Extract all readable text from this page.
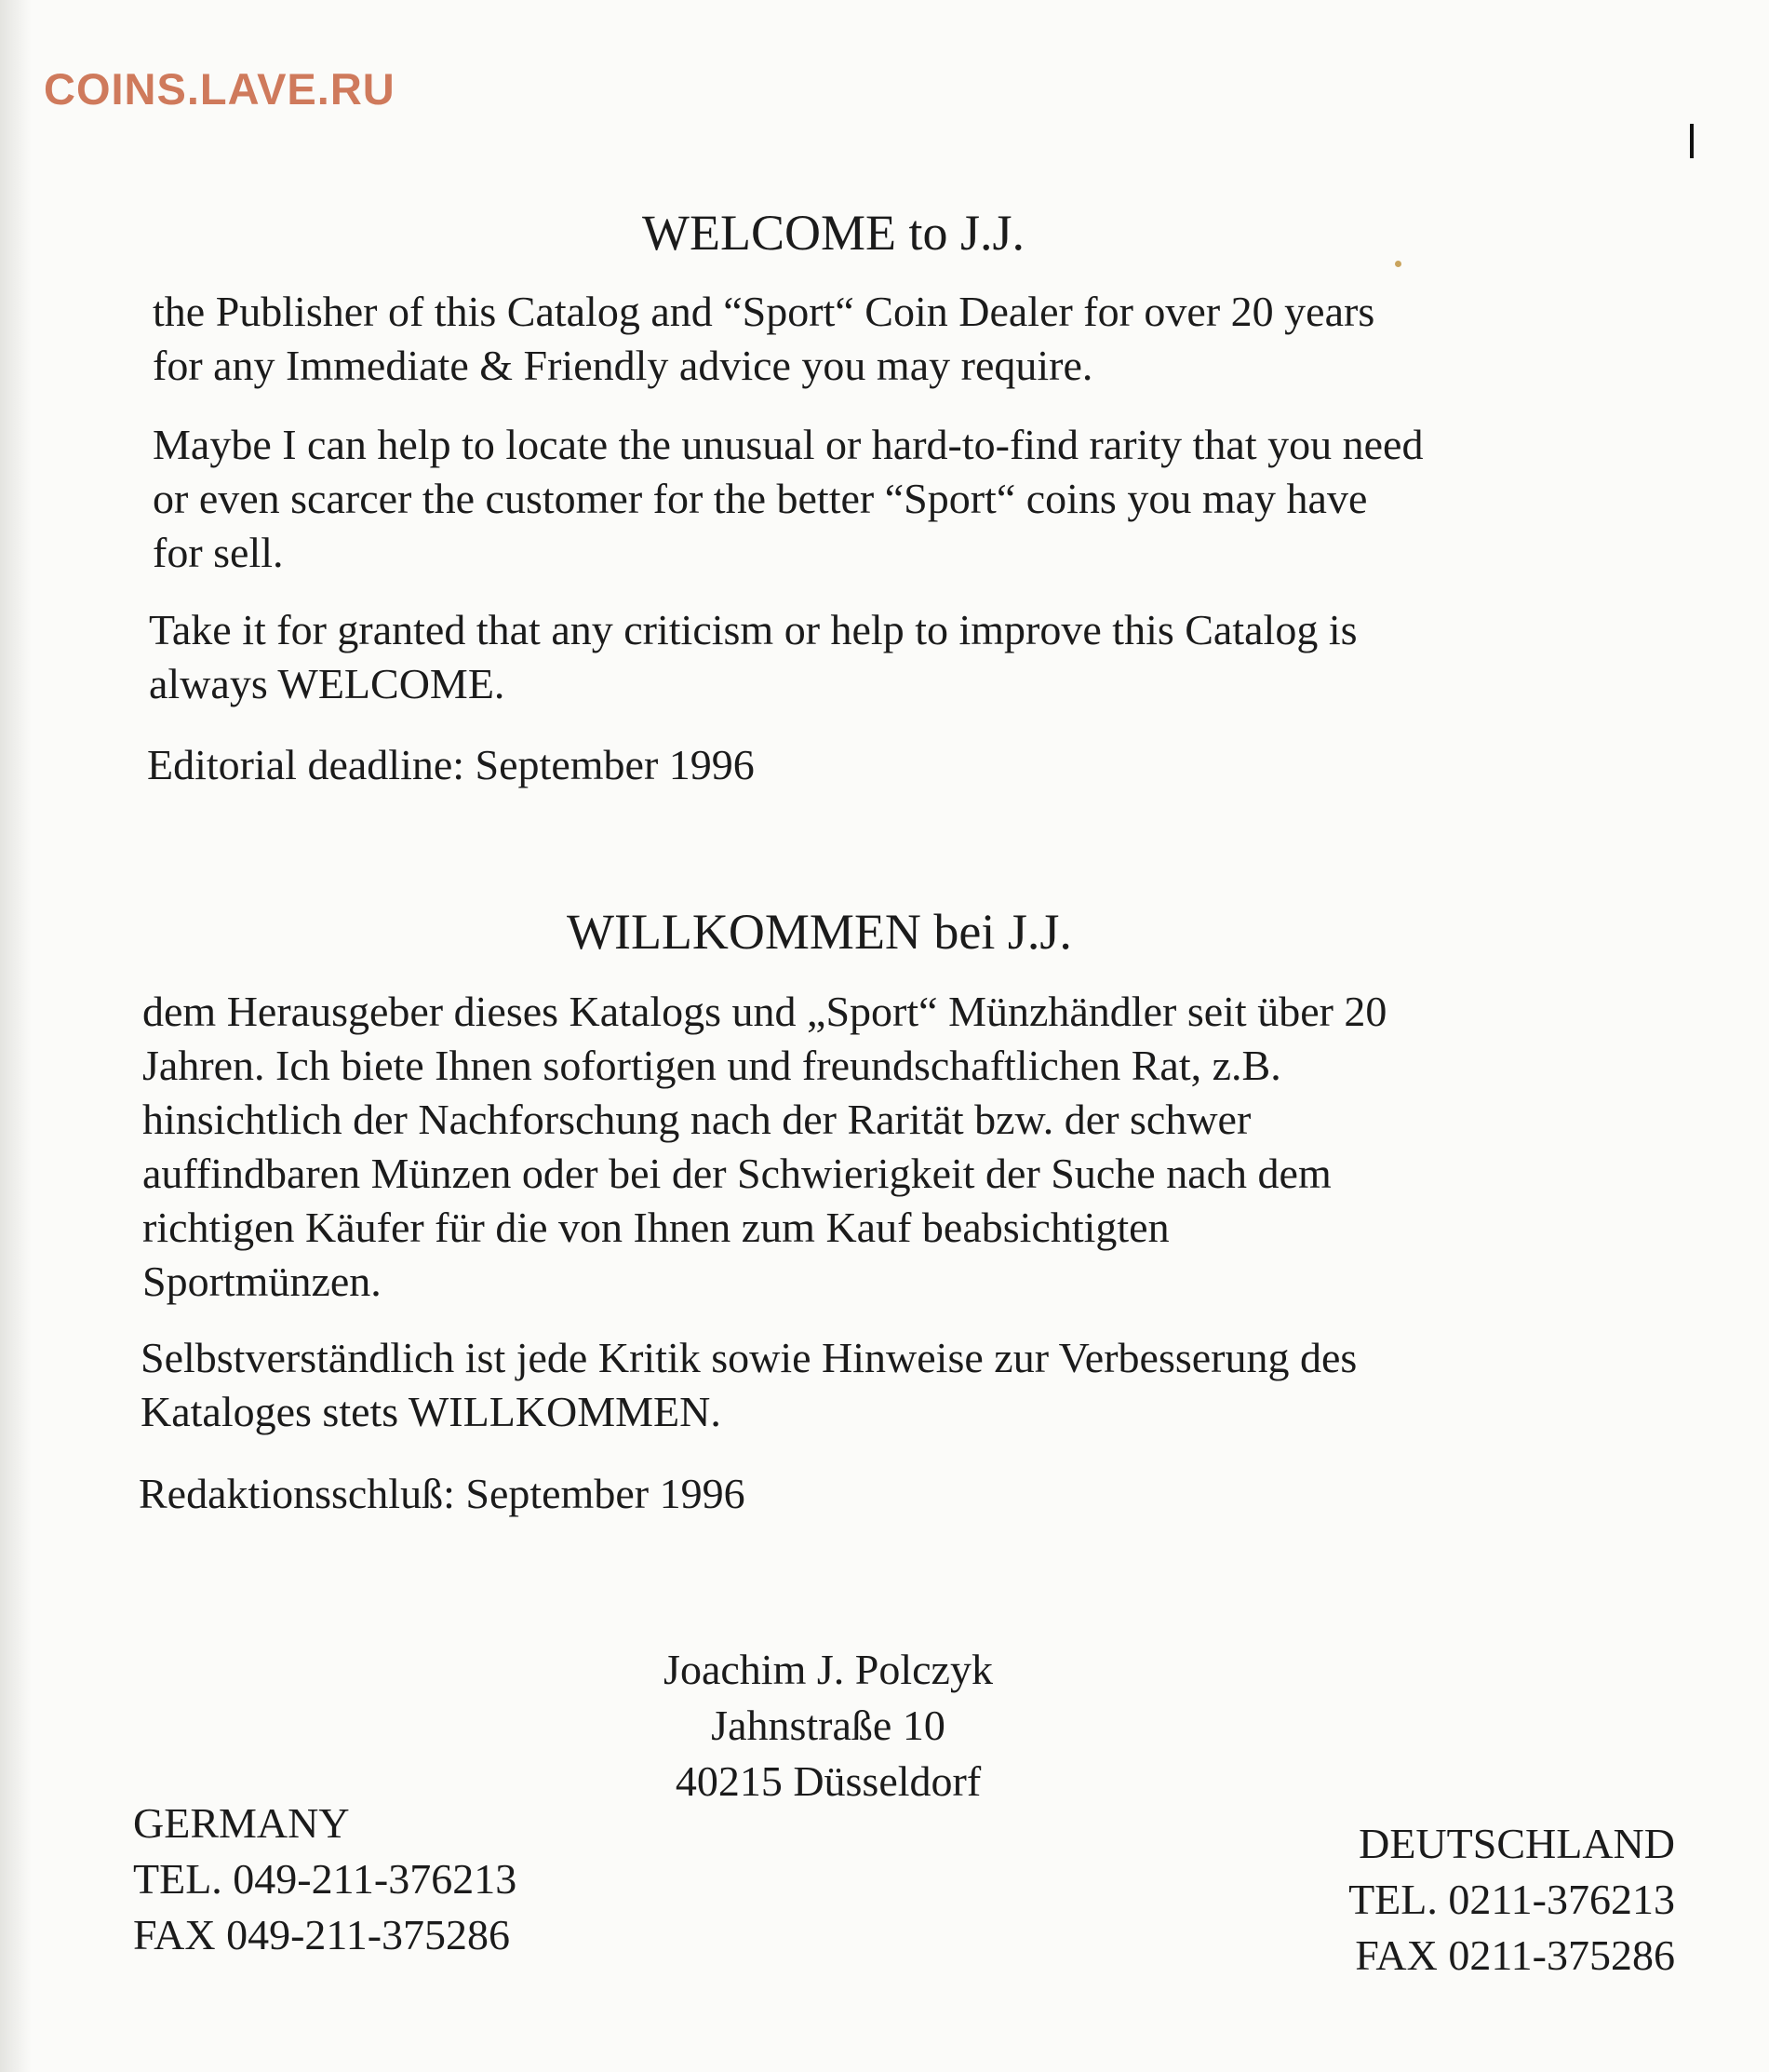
COINS.LAVE.RU
WELCOME to J.J.
the Publisher of this Catalog and “Sport“ Coin Dealer for over 20 years
for any Immediate & Friendly advice you may require.
Maybe I can help to locate the unusual or hard-to-find rarity that you need
or even scarcer the customer for the better “Sport“ coins you may have
for sell.
Take it for granted that any criticism or help to improve this Catalog is
always WELCOME.
Editorial deadline: September 1996
WILLKOMMEN bei J.J.
dem Herausgeber dieses Katalogs und „Sport“ Münzhändler seit über 20
Jahren. Ich biete Ihnen sofortigen und freundschaftlichen Rat, z.B.
hinsichtlich der Nachforschung nach der Rarität bzw. der schwer
auffindbaren Münzen oder bei der Schwierigkeit der Suche nach dem
richtigen Käufer für die von Ihnen zum Kauf beabsichtigten
Sportmünzen.
Selbstverständlich ist jede Kritik sowie Hinweise zur Verbesserung des
Kataloges stets WILLKOMMEN.
Redaktionsschluß: September 1996
Joachim J. Polczyk
Jahnstraße 10
40215 Düsseldorf
GERMANY
TEL. 049-211-376213
FAX 049-211-375286
DEUTSCHLAND
TEL. 0211-376213
FAX 0211-375286
